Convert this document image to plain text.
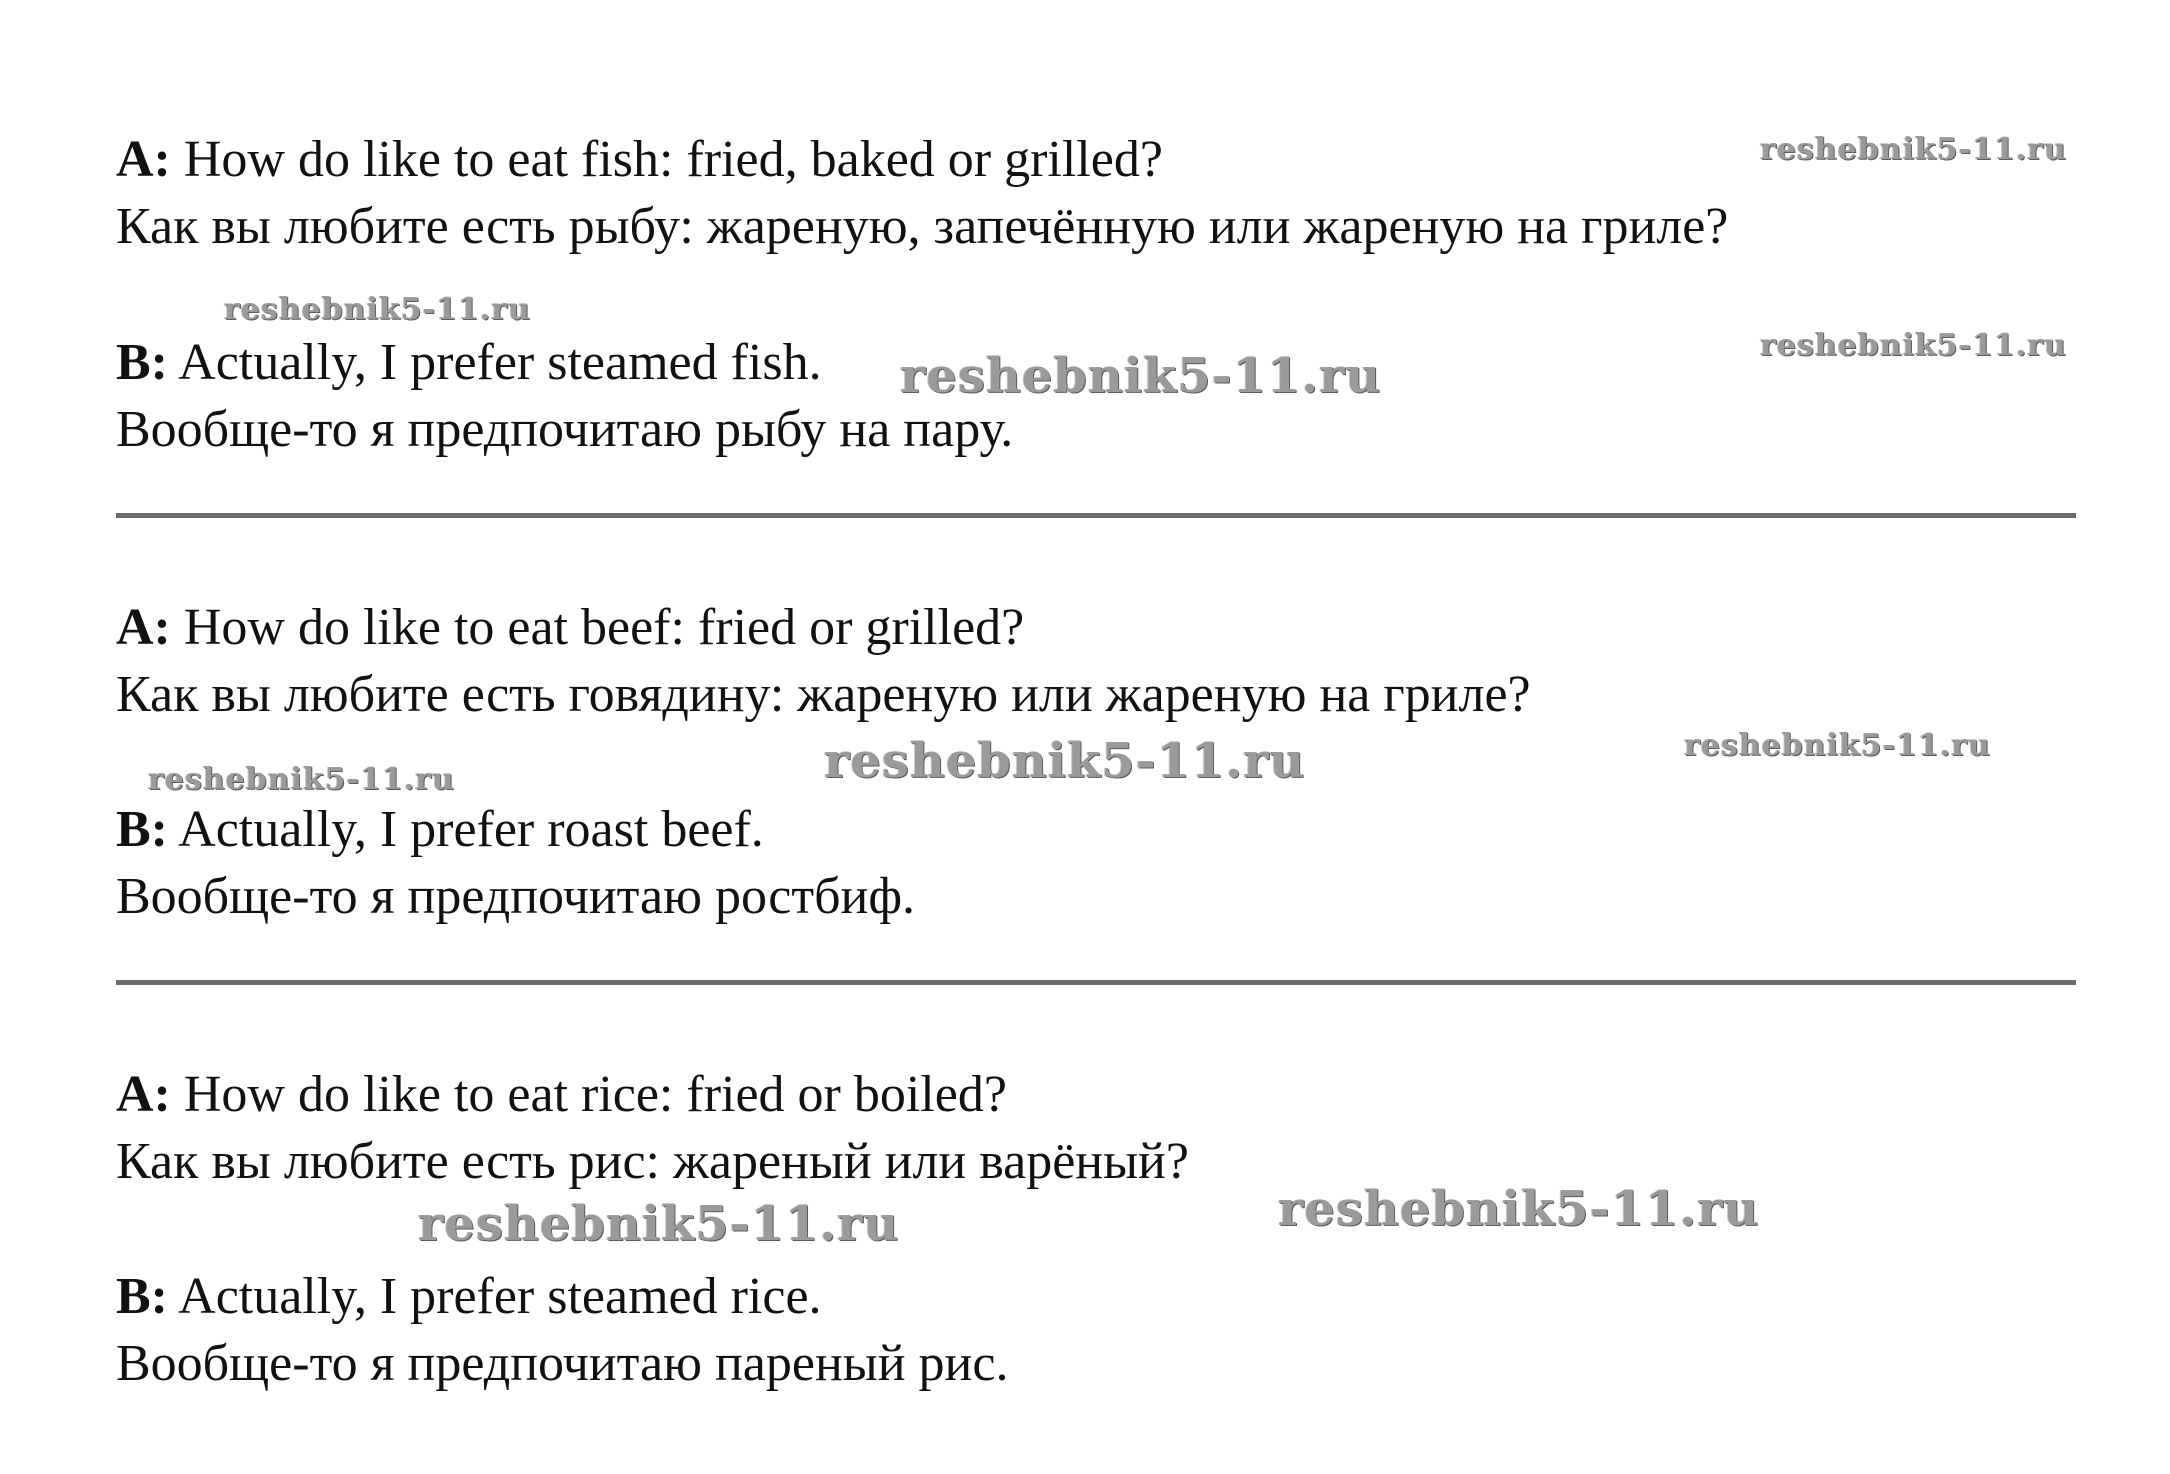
A: How do like to eat fish: fried, baked or grilled?
Как вы любите есть рыбу: жареную, запечённую или жареную на гриле?
B: Actually, I prefer steamed fish.
Вообще-то я предпочитаю рыбу на пару.
A: How do like to eat beef: fried or grilled?
Как вы любите есть говядину: жареную или жареную на гриле?
B: Actually, I prefer roast beef.
Вообще-то я предпочитаю ростбиф.
A: How do like to eat rice: fried or boiled?
Как вы любите есть рис: жареный или варёный?
B: Actually, I prefer steamed rice.
Вообще-то я предпочитаю пареный рис.
reshebnik5-11.ru
reshebnik5-11.ru
reshebnik5-11.ru
reshebnik5-11.ru
reshebnik5-11.ru	reshebnik5-11.ru	reshebnik5-11.ru
reshebnik5-11.ru	reshebnik5-11.ru
